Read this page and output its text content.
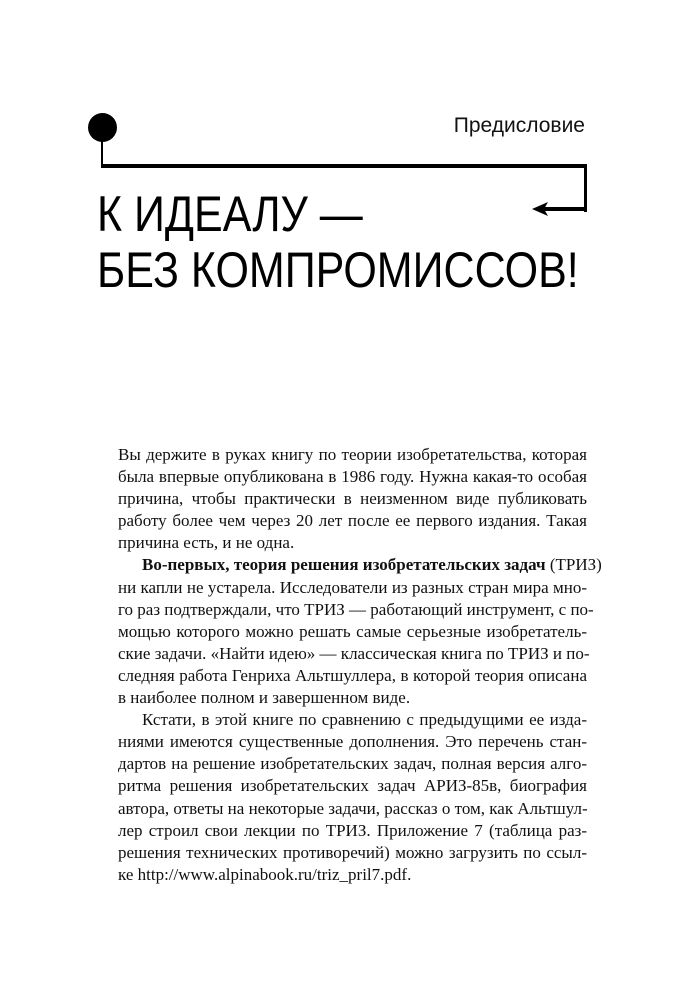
Предисловие
К ИДЕАЛУ —
БЕЗ КОМПРОМИССОВ!
Вы держите в руках книгу по теории изобретательства, которая
была впервые опубликована в 1986 году. Нужна какая-то особая
причина, чтобы практически в неизменном виде публиковать
работу более чем через 20 лет после ее первого издания. Такая
причина есть, и не одна.
Во-первых, теория решения изобретательских задач (ТРИЗ)
ни капли не устарела. Исследователи из разных стран мира мно-
го раз подтверждали, что ТРИЗ — работающий инструмент, с по-
мощью которого можно решать самые серьезные изобретатель-
ские задачи. «Найти идею» — классическая книга по ТРИЗ и по-
следняя работа Генриха Альтшуллера, в которой теория описана
в наиболее полном и завершенном виде.
Кстати, в этой книге по сравнению с предыдущими ее изда-
ниями имеются существенные дополнения. Это перечень стан-
дартов на решение изобретательских задач, полная версия алго-
ритма решения изобретательских задач АРИЗ-85в, биография
автора, ответы на некоторые задачи, рассказ о том, как Альтшул-
лер строил свои лекции по ТРИЗ. Приложение 7 (таблица раз-
решения технических противоречий) можно загрузить по ссыл-
ке http://www.alpinabook.ru/triz_pril7.pdf.
